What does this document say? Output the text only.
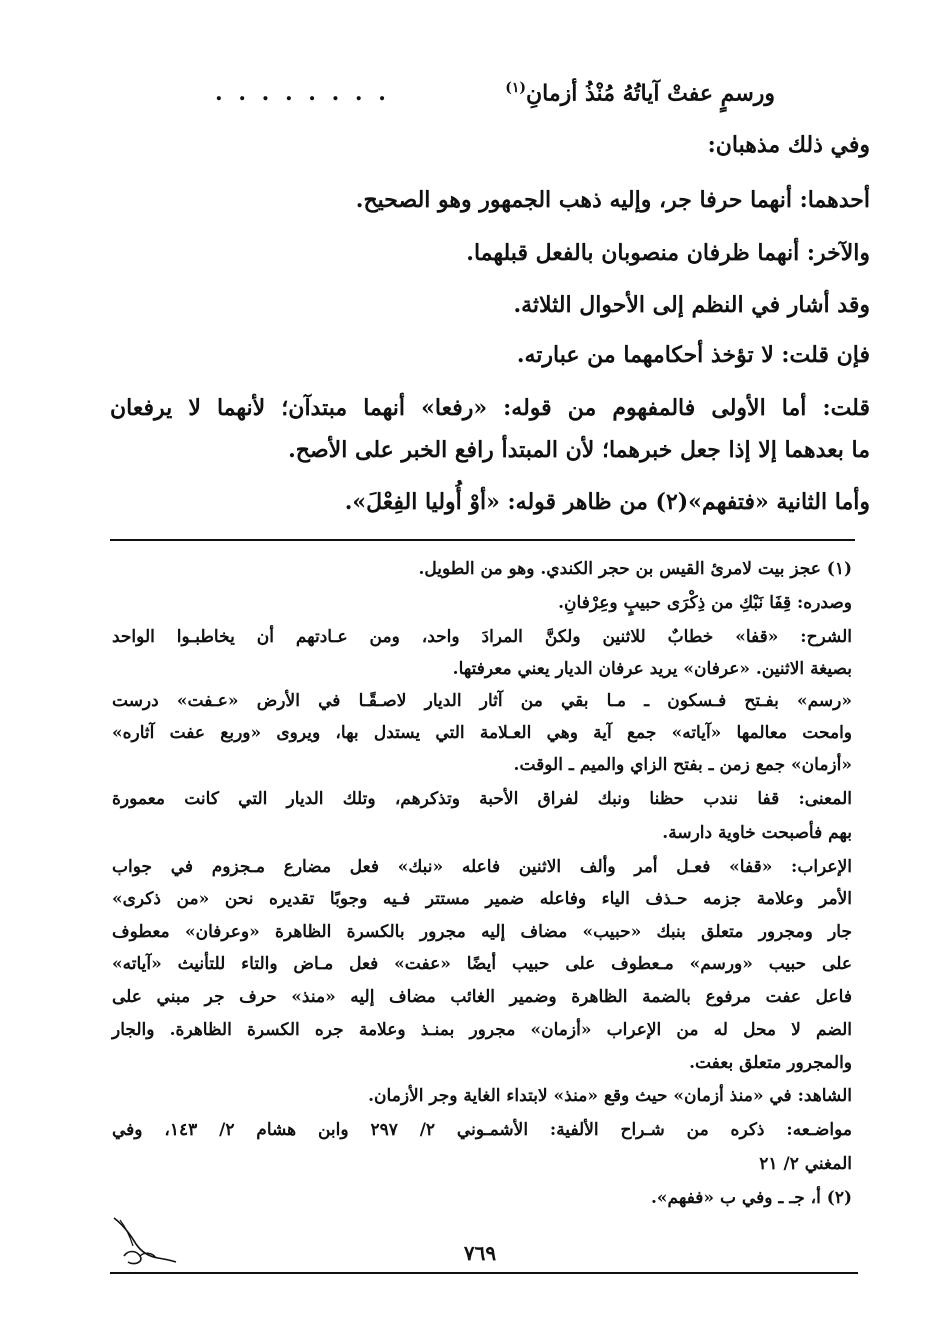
. . . . . . . .	ورسمٍ عفتْ آياتُهُ مُنْذُ أزمانِ$^{(١)}$
وفي ذلك مذهبان:
أحدهما: أنهما حرفا جر، وإليه ذهب الجمهور وهو الصحيح.
والآخر: أنهما ظرفان منصوبان بالفعل قبلهما.
وقد أشار في النظم إلى الأحوال الثلاثة.
فإن قلت: لا تؤخذ أحكامهما من عبارته.
قلت: أما الأولى فالمفهوم من قوله: «رفعا» أنهما مبتدآن؛ لأنهما لا يرفعان
ما بعدهما إلا إذا جعل خبرهما؛ لأن المبتدأ رافع الخبر على الأصح.
وأما الثانية «فتفهم»(٢) من ظاهر قوله: «أوْ أُوليا الفِعْلَ».
(١) عجز بيت لامرئ القيس بن حجر الكندي. وهو من الطويل.
وصدره: قِفَا نَبْكِ من ذِكْرَى حبيبٍ وعِرْفانِ.
الشرح: «قفا» خطابٌ للاثنين ولكنَّ المرادَ واحد، ومن عـادتهم أن يخاطبـوا الواحد
بصيغة الاثنين. «عرفان» يريد عرفان الديار يعني معرفتها.
«رسم» بفـتح فـسكون ـ مـا بقي من آثار الديار لاصـقًـا في الأرض «عـفت» درست
وامحت معالمها «آياته» جمع آية وهي العـلامة التي يستدل بها، ويروى «وربع عفت آثاره»
«أزمان» جمع زمن ـ بفتح الزاي والميم ـ الوقت.
المعنى: قفا نندب حظنا ونبك لفراق الأحبة وتذكرهم، وتلك الديار التي كانت معمورة
بهم فأصبحت خاوية دارسة.
الإعراب: «قفا» فعـل أمر وألف الاثنين فاعله «نبك» فعل مضارع مـجزوم في جواب
الأمر وعلامة جزمه حـذف الياء وفاعله ضمير مستتر فـيه وجوبًا تقديره نحن «من ذكرى»
جار ومجرور متعلق بنبك «حبيب» مضاف إليه مجرور بالكسرة الظاهرة «وعرفان» معطوف
على حبيب «ورسم» مـعطوف على حبيب أيضًا «عفت» فعل مـاض والتاء للتأنيث «آياته»
فاعل عفت مرفوع بالضمة الظاهرة وضمير الغائب مضاف إليه «منذ» حرف جر مبني على
الضم لا محل له من الإعراب «أزمان» مجرور بمنـذ وعلامة جره الكسرة الظاهرة. والجار
والمجرور متعلق بعفت.
الشاهد: في «منذ أزمان» حيث وقع «منذ» لابتداء الغاية وجر الأزمان.
مواضـعه: ذكره من شـراح الألفية: الأشمـوني ٢/ ٢٩٧ وابن هشام ٢/ ١٤٣، وفي
المغني ٢/ ٢١
(٢) أ، جـ ـ وفي ب «ففهم».
٧٦٩
